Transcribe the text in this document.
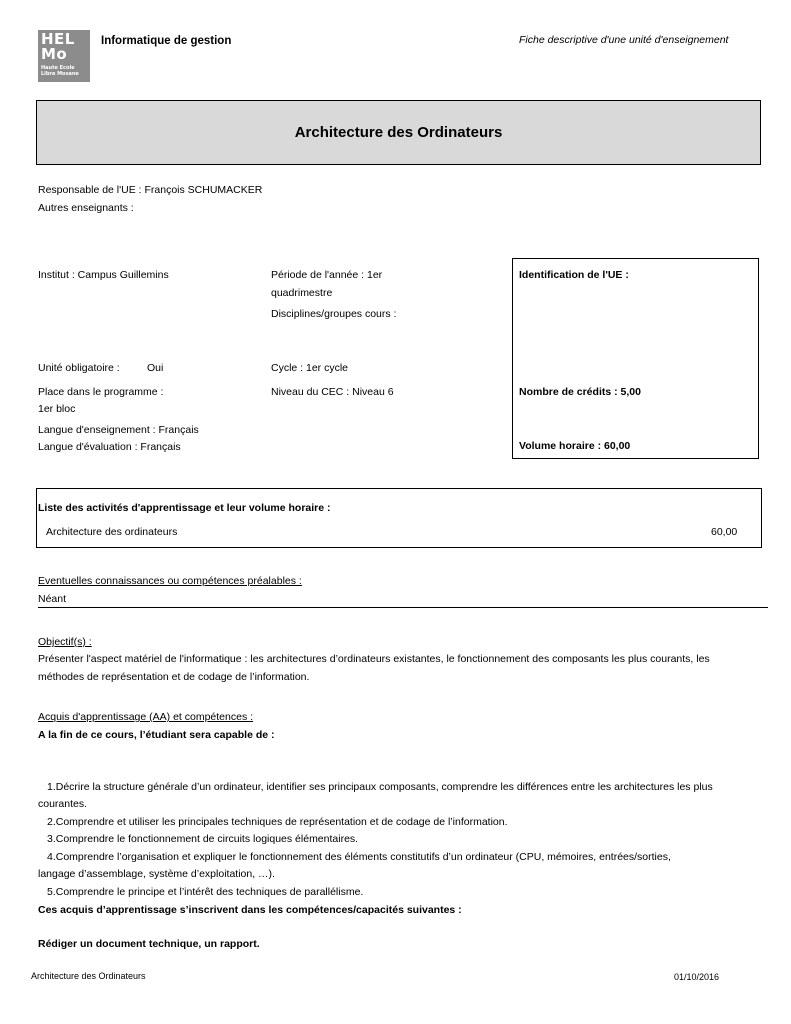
HEL
Mo
Haute Ecole
Libre Mosane
Informatique de gestion	Fiche descriptive d'une unité d'enseignement
Architecture des Ordinateurs
Responsable de l'UE : François SCHUMACKER
Autres enseignants :
Institut : Campus Guillemins	Période de l'année : 1er
quadrimestre
Disciplines/groupes cours :
Unité obligatoire :	Oui	Cycle : 1er cycle
Place dans le programme :
1er bloc
Niveau du CEC : Niveau 6
Langue d'enseignement : Français
Langue d'évaluation : Français
Identification de l'UE :
Nombre de crédits : 5,00
Volume horaire : 60,00
Liste des activités d'apprentissage et leur volume horaire :
Architecture des ordinateurs	60,00
Eventuelles connaissances ou compétences préalables :
Néant
Objectif(s) :
Présenter l'aspect matériel de l'informatique : les architectures d’ordinateurs existantes, le fonctionnement des composants les plus courants, les
méthodes de représentation et de codage de l’information.
Acquis d'apprentissage (AA) et compétences :
A la fin de ce cours, l’étudiant sera capable de :
1.Décrire la structure générale d’un ordinateur, identifier ses principaux composants, comprendre les différences entre les architectures les plus
courantes.
2.Comprendre et utiliser les principales techniques de représentation et de codage de l’information.
3.Comprendre le fonctionnement de circuits logiques élémentaires.
4.Comprendre l’organisation et expliquer le fonctionnement des éléments constitutifs d’un ordinateur (CPU, mémoires, entrées/sorties,
langage d’assemblage, système d’exploitation, …).
5.Comprendre le principe et l’intérêt des techniques de parallélisme.
Ces acquis d’apprentissage s’inscrivent dans les compétences/capacités suivantes :
Rédiger un document technique, un rapport.
Architecture des Ordinateurs	01/10/2016
